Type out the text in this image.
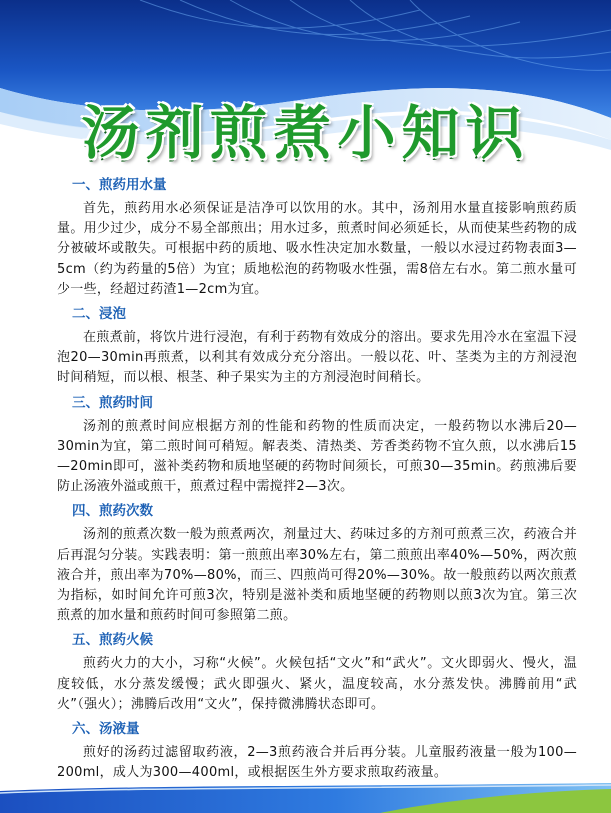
汤剂煎煮小知识
一、煎药用水量
首先，煎药用水必须保证是洁净可以饮用的水。其中，汤剂用水量直接影响煎药质量。用少过少，成分不易全部煎出；用水过多，煎煮时间必须延长，从而使某些药物的成分被破坏或散失。可根据中药的质地、吸水性决定加水数量，一般以水浸过药物表面3—5cm（约为药量的5倍）为宜；质地松泡的药物吸水性强，需8倍左右水。第二煎水量可少一些，经超过药渣1—2cm为宜。
二、浸泡
在煎煮前，将饮片进行浸泡，有利于药物有效成分的溶出。要求先用冷水在室温下浸泡20—30min再煎煮，以利其有效成分充分溶出。一般以花、叶、茎类为主的方剂浸泡时间稍短，而以根、根茎、种子果实为主的方剂浸泡时间稍长。
三、煎药时间
汤剂的煎煮时间应根据方剂的性能和药物的性质而决定，一般药物以水沸后20—30min为宜，第二煎时间可稍短。解表类、清热类、芳香类药物不宜久煎，以水沸后15—20min即可，滋补类药物和质地坚硬的药物时间须长，可煎30—35min。药煎沸后要防止汤液外溢或煎干，煎煮过程中需搅拌2—3次。
四、煎药次数
汤剂的煎煮次数一般为煎煮两次，剂量过大、药味过多的方剂可煎煮三次，药液合并后再混匀分装。实践表明：第一煎煎出率30%左右，第二煎煎出率40%—50%，两次煎液合并，煎出率为70%—80%，而三、四煎尚可得20%—30%。故一般煎药以两次煎煮为指标，如时间允许可煎3次，特别是滋补类和质地坚硬的药物则以煎3次为宜。第三次煎煮的加水量和煎药时间可参照第二煎。
五、煎药火候
煎药火力的大小，习称“火候”。火候包括“文火”和“武火”。文火即弱火、慢火，温度较低，水分蒸发缓慢；武火即强火、紧火，温度较高，水分蒸发快。沸腾前用“武火”（强火）；沸腾后改用“文火”，保持微沸腾状态即可。
六、汤液量
煎好的汤药过滤留取药液，2—3煎药液合并后再分装。儿童服药液量一般为100—200ml，成人为300—400ml，或根据医生外方要求煎取药液量。
